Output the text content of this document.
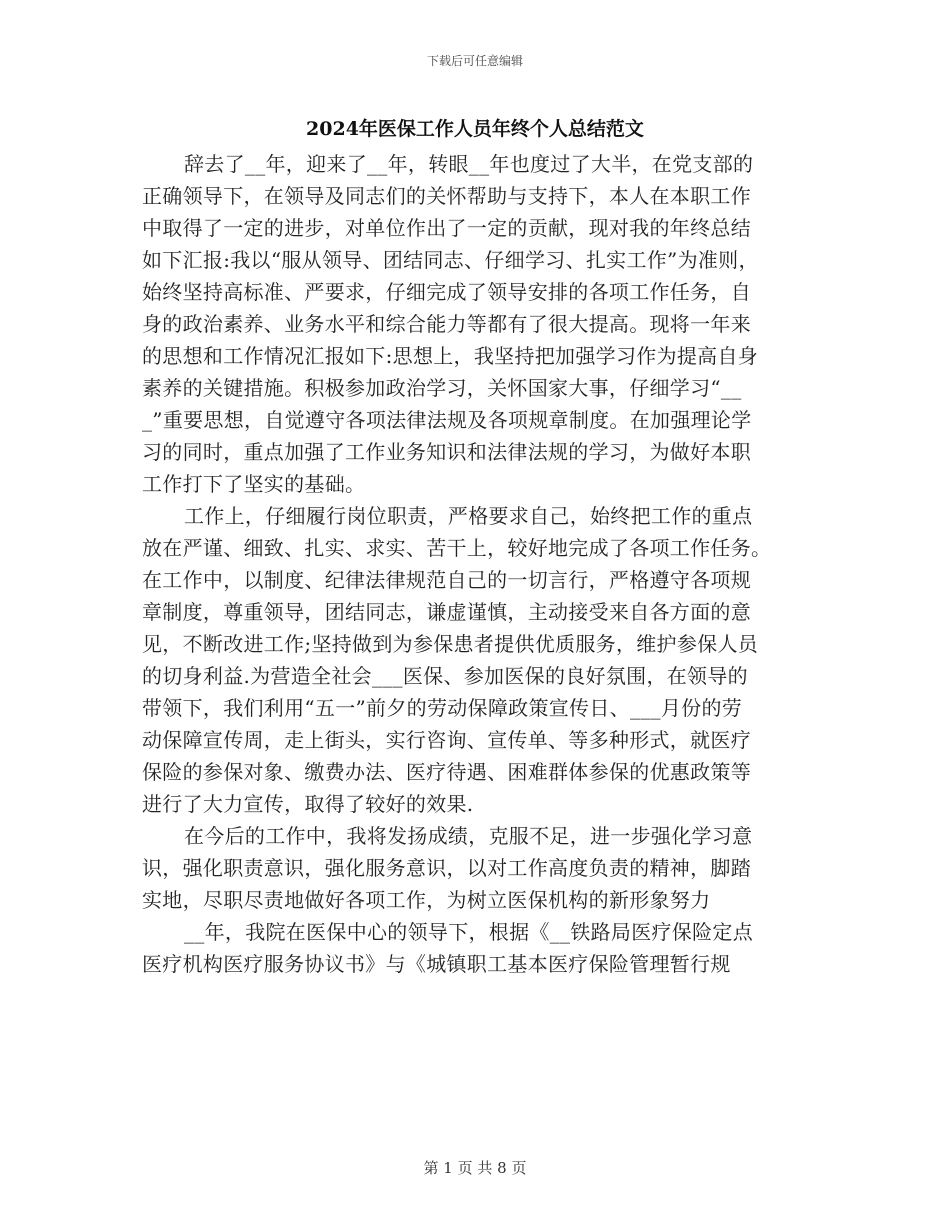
下载后可任意编辑
2024年医保工作人员年终个人总结范文
辞去了__年，迎来了__年，转眼__年也度过了大半，在党支部的
正确领导下，在领导及同志们的关怀帮助与支持下，本人在本职工作
中取得了一定的进步，对单位作出了一定的贡献，现对我的年终总结
如下汇报:我以“服从领导、团结同志、仔细学习、扎实工作”为准则，
始终坚持高标准、严要求，仔细完成了领导安排的各项工作任务，自
身的政治素养、业务水平和综合能力等都有了很大提高。现将一年来
的思想和工作情况汇报如下:思想上，我坚持把加强学习作为提高自身
素养的关键措施。积极参加政治学习，关怀国家大事，仔细学习“__
_”重要思想，自觉遵守各项法律法规及各项规章制度。在加强理论学
习的同时，重点加强了工作业务知识和法律法规的学习，为做好本职
工作打下了坚实的基础。
工作上，仔细履行岗位职责，严格要求自己，始终把工作的重点
放在严谨、细致、扎实、求实、苦干上，较好地完成了各项工作任务。
在工作中，以制度、纪律法律规范自己的一切言行，严格遵守各项规
章制度，尊重领导，团结同志，谦虚谨慎，主动接受来自各方面的意
见，不断改进工作;坚持做到为参保患者提供优质服务，维护参保人员
的切身利益.为营造全社会___医保、参加医保的良好氛围，在领导的
带领下，我们利用“五一”前夕的劳动保障政策宣传日、___月份的劳
动保障宣传周，走上街头，实行咨询、宣传单、等多种形式，就医疗
保险的参保对象、缴费办法、医疗待遇、困难群体参保的优惠政策等
进行了大力宣传，取得了较好的效果.
在今后的工作中，我将发扬成绩，克服不足，进一步强化学习意
识，强化职责意识，强化服务意识，以对工作高度负责的精神，脚踏
实地，尽职尽责地做好各项工作，为树立医保机构的新形象努力
__年，我院在医保中心的领导下，根据《__铁路局医疗保险定点
医疗机构医疗服务协议书》与《城镇职工基本医疗保险管理暂行规
第 1 页 共 8 页
